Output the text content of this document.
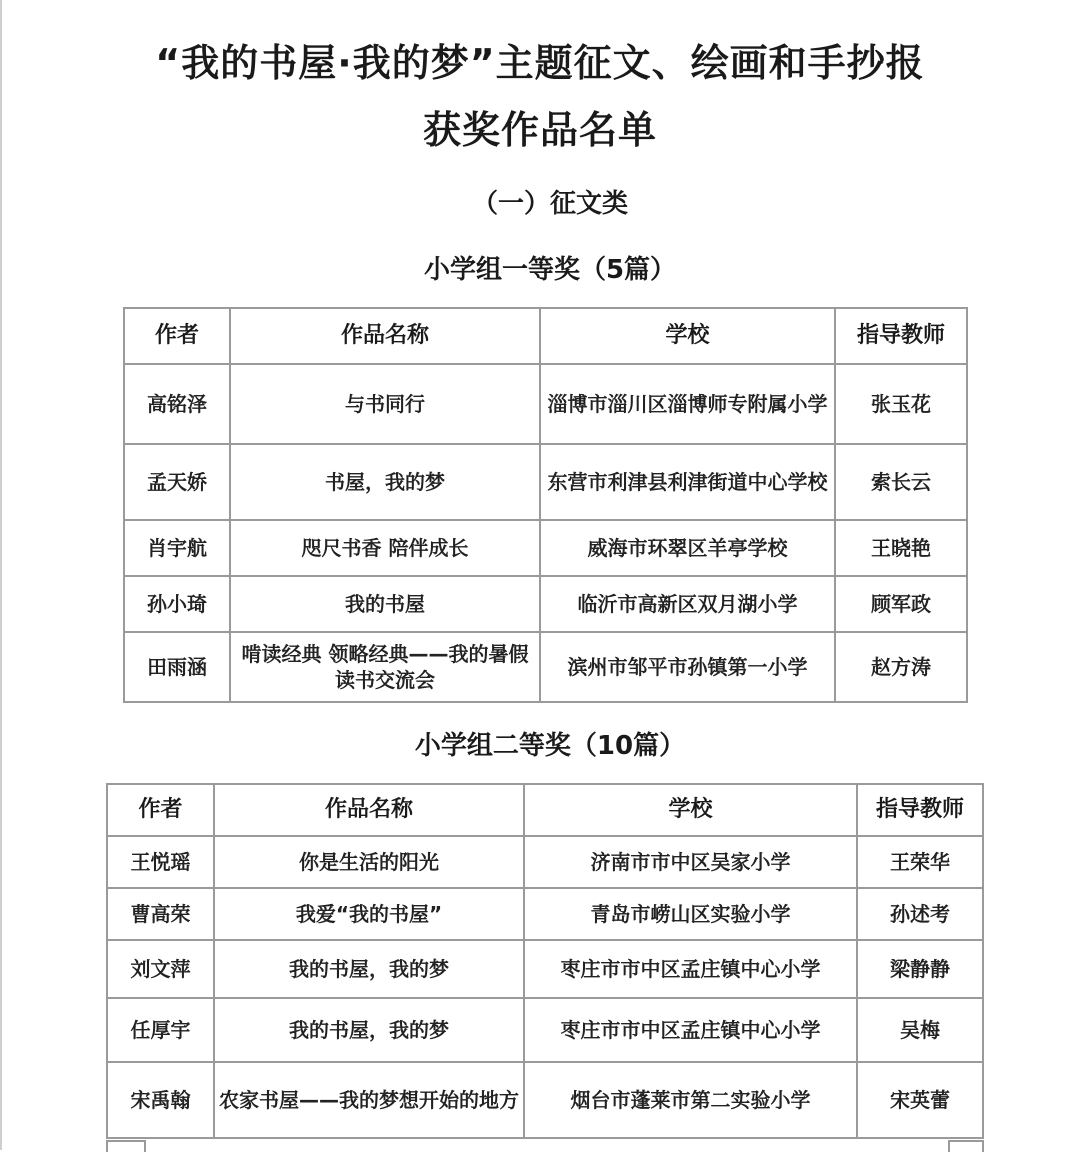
“我的书屋·我的梦”主题征文、绘画和手抄报
获奖作品名单
（一）征文类
小学组一等奖（5篇）
作者	作品名称	学校	指导教师
高铭泽	与书同行	淄博市淄川区淄博师专附属小学	张玉花
孟天娇	书屋，我的梦	东营市利津县利津街道中心学校	索长云
肖宇航	咫尺书香 陪伴成长	威海市环翠区羊亭学校	王晓艳
孙小琦	我的书屋	临沂市高新区双月湖小学	顾军政
田雨涵	啃读经典 领略经典——我的暑假读书交流会	滨州市邹平市孙镇第一小学	赵方涛
小学组二等奖（10篇）
作者	作品名称	学校	指导教师
王悦瑶	你是生活的阳光	济南市市中区吴家小学	王荣华
曹高荣	我爱“我的书屋”	青岛市崂山区实验小学	孙述考
刘文萍	我的书屋，我的梦	枣庄市市中区孟庄镇中心小学	梁静静
任厚宇	我的书屋，我的梦	枣庄市市中区孟庄镇中心小学	吴梅
宋禹翰	农家书屋——我的梦想开始的地方	烟台市蓬莱市第二实验小学	宋英蕾
